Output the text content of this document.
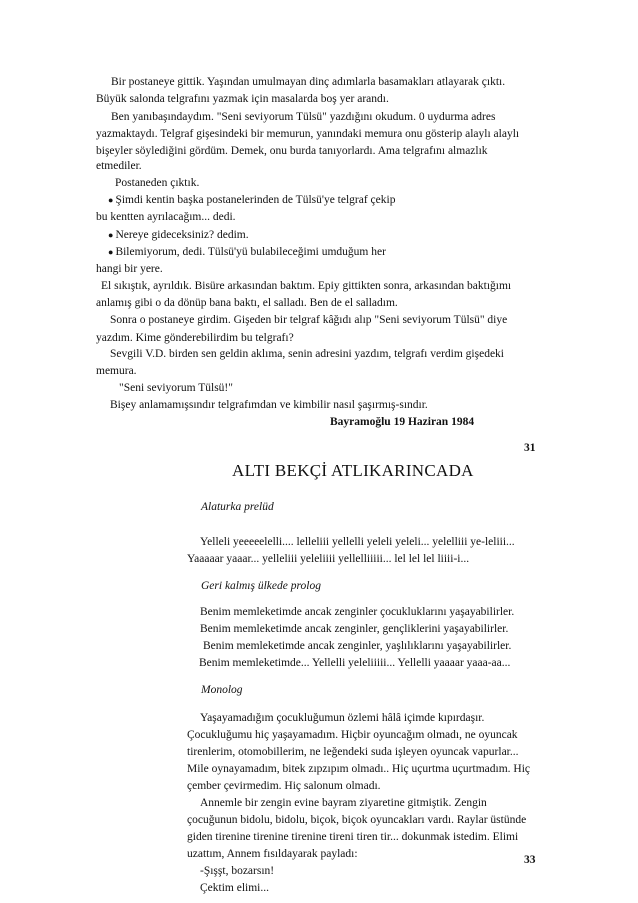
Bir postaneye gittik. Yaşından umulmayan dinç adımlarla basamakları atlayarak çıktı.
Büyük salonda telgrafını yazmak için masalarda boş yer arandı.
Ben yanıbaşındaydım. "Seni seviyorum Tülsü" yazdığını okudum. 0 uydurma adres
yazmaktaydı. Telgraf gişesindeki bir memurun, yanındaki memura onu gösterip alaylı alaylı
bişeyler söylediğini gördüm. Demek, onu burda tanıyorlardı. Ama telgrafını almazlık
etmediler.
Postaneden çıktık.
● Şimdi kentin başka postanelerinden de Tülsü'ye telgraf çekip
bu kentten ayrılacağım... dedi.
● Nereye gideceksiniz? dedim.
● Bilemiyorum, dedi. Tülsü'yü bulabileceğimi umduğum her
hangi bir yere.
El sıkıştık, ayrıldık. Bisüre arkasından baktım. Epiy gittikten sonra, arkasından baktığımı
anlamış gibi o da dönüp bana baktı, el salladı. Ben de el salladım.
Sonra o postaneye girdim. Gişeden bir telgraf kâğıdı alıp "Seni seviyorum Tülsü" diye
yazdım. Kime gönderebilirdim bu telgrafı?
Sevgili V.D. birden sen geldin aklıma, senin adresini yazdım, telgrafı verdim gişedeki
memura.
"Seni seviyorum Tülsü!"
Bişey anlamamışsındır telgrafımdan ve kimbilir nasıl şaşırmış-sındır.
Bayramoğlu 19 Haziran 1984
31
ALTI BEKÇİ ATLIKARINCADA
Alaturka prelüd
Yelleli yeeeeelelli.... lelleliii yellelli yeleli yeleli... yelelliii ye-leliii...
Yaaaaar yaaar... yelleliii yeleliiii yellelliiiii... lel lel lel liiii-i...
Geri kalmış ülkede prolog
Benim memleketimde ancak zenginler çocukluklarını yaşayabilirler.
Benim memleketimde ancak zenginler, gençliklerini yaşayabilirler.
Benim memleketimde ancak zenginler, yaşlılıklarını yaşayabilirler.
Benim memleketimde... Yellelli yeleliiiii... Yellelli yaaaar yaaa-aa...
Monolog
Yaşayamadığım çocukluğumun özlemi hâlâ içimde kıpırdaşır.
Çocukluğumu hiç yaşayamadım. Hiçbir oyuncağım olmadı, ne oyuncak
tirenlerim, otomobillerim, ne leğendeki suda işleyen oyuncak vapurlar...
Mile oynayamadım, bitek zıpzıpım olmadı.. Hiç uçurtma uçurtmadım. Hiç
çember çevirmedim. Hiç salonum olmadı.
Annemle bir zengin evine bayram ziyaretine gitmiştik. Zengin
çocuğunun bidolu, bidolu, biçok, biçok oyuncakları vardı. Raylar üstünde
giden tirenine tirenine tirenine tireni tiren tir... dokunmak istedim. Elimi
uzattım, Annem fısıldayarak payladı:
-Şışşt, bozarsın!
Çektim elimi...
33
